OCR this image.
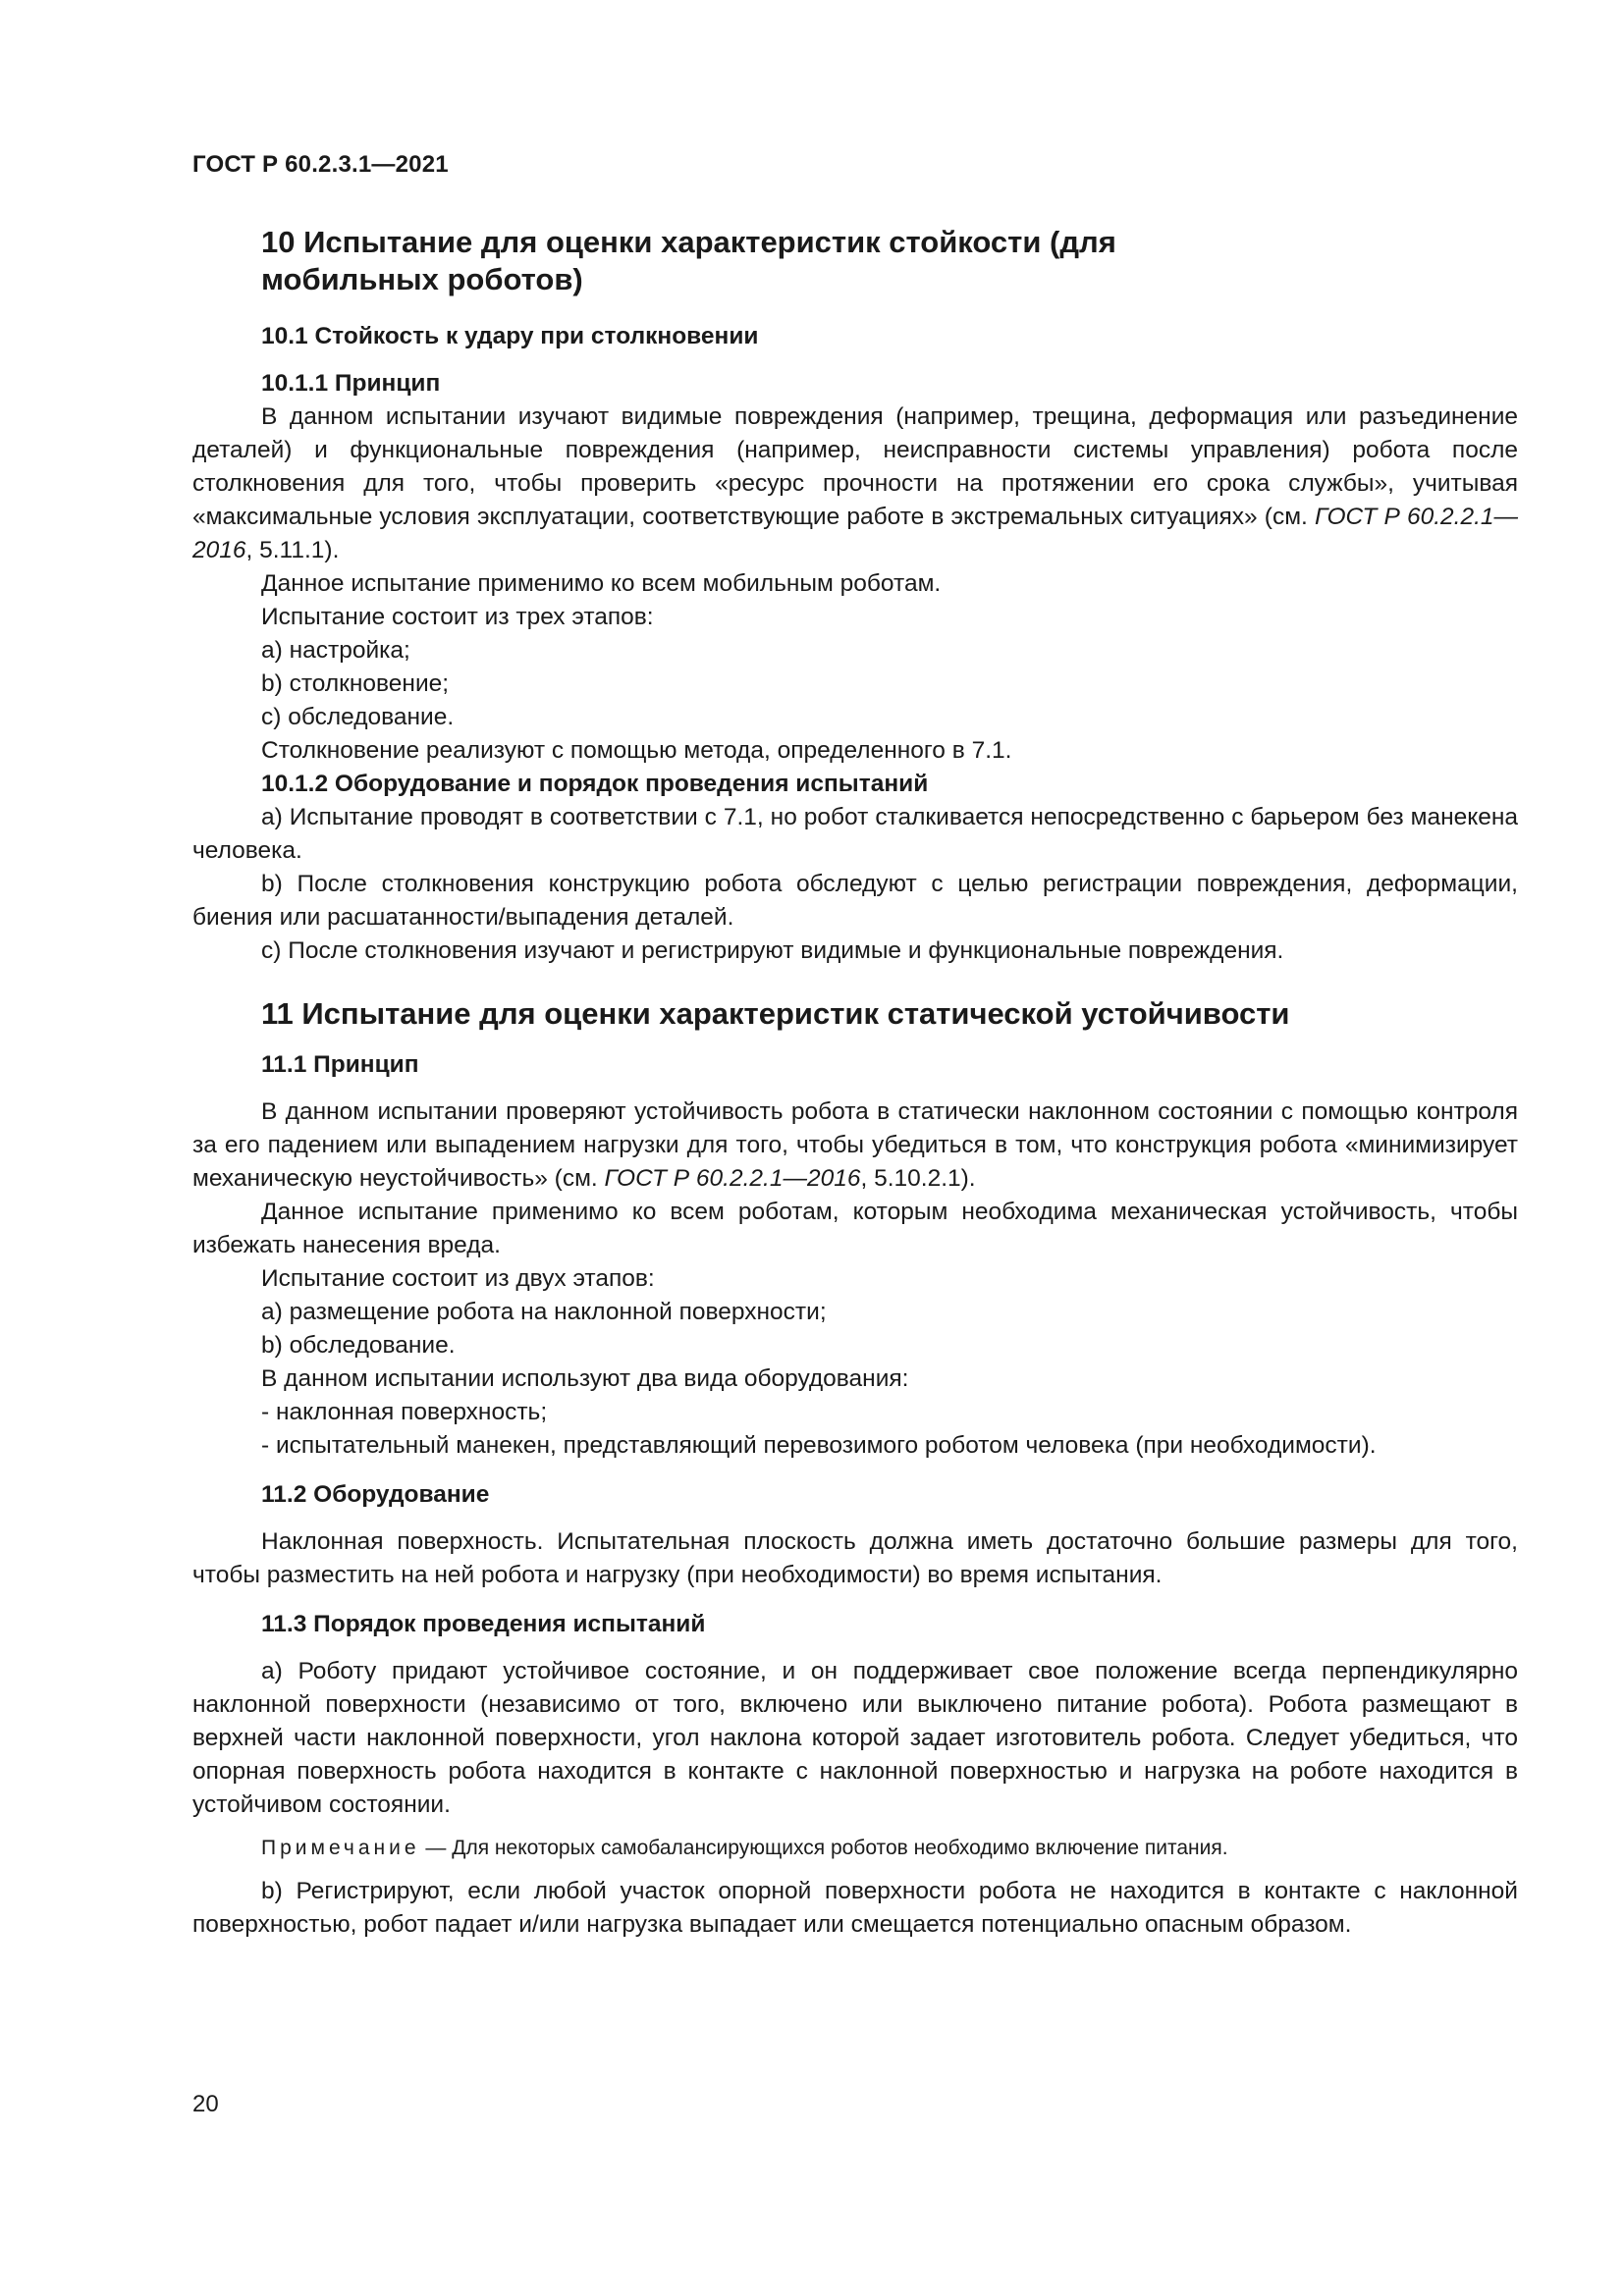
ГОСТ Р 60.2.3.1—2021
10 Испытание для оценки характеристик стойкости (для мобильных роботов)
10.1 Стойкость к удару при столкновении
10.1.1 Принцип

В данном испытании изучают видимые повреждения (например, трещина, деформация или разъединение деталей) и функциональные повреждения (например, неисправности системы управления) робота после столкновения для того, чтобы проверить «ресурс прочности на протяжении его срока службы», учитывая «максимальные условия эксплуатации, соответствующие работе в экстремальных ситуациях» (см. ГОСТ Р 60.2.2.1—2016, 5.11.1).

Данное испытание применимо ко всем мобильным роботам.

Испытание состоит из трех этапов:

a) настройка;

b) столкновение;

c) обследование.

Столкновение реализуют с помощью метода, определенного в 7.1.

10.1.2 Оборудование и порядок проведения испытаний

a) Испытание проводят в соответствии с 7.1, но робот сталкивается непосредственно с барьером без манекена человека.

b) После столкновения конструкцию робота обследуют с целью регистрации повреждения, деформации, биения или расшатанности/выпадения деталей.

c) После столкновения изучают и регистрируют видимые и функциональные повреждения.

11 Испытание для оценки характеристик статической устойчивости
11.1 Принцип

В данном испытании проверяют устойчивость робота в статически наклонном состоянии с помощью контроля за его падением или выпадением нагрузки для того, чтобы убедиться в том, что конструкция робота «минимизирует механическую неустойчивость» (см. ГОСТ Р 60.2.2.1—2016, 5.10.2.1).

Данное испытание применимо ко всем роботам, которым необходима механическая устойчивость, чтобы избежать нанесения вреда.

Испытание состоит из двух этапов:

a) размещение робота на наклонной поверхности;

b) обследование.

В данном испытании используют два вида оборудования:

- наклонная поверхность;

- испытательный манекен, представляющий перевозимого роботом человека (при необходимости).

11.2 Оборудование

Наклонная поверхность. Испытательная плоскость должна иметь достаточно большие размеры для того, чтобы разместить на ней робота и нагрузку (при необходимости) во время испытания.

11.3 Порядок проведения испытаний

a) Роботу придают устойчивое состояние, и он поддерживает свое положение всегда перпендикулярно наклонной поверхности (независимо от того, включено или выключено питание робота). Робота размещают в верхней части наклонной поверхности, угол наклона которой задает изготовитель робота. Следует убедиться, что опорная поверхность робота находится в контакте с наклонной поверхностью и нагрузка на роботе находится в устойчивом состоянии.

Примечание — Для некоторых самобалансирующихся роботов необходимо включение питания.

b) Регистрируют, если любой участок опорной поверхности робота не находится в контакте с наклонной поверхностью, робот падает и/или нагрузка выпадает или смещается потенциально опасным образом.

20
